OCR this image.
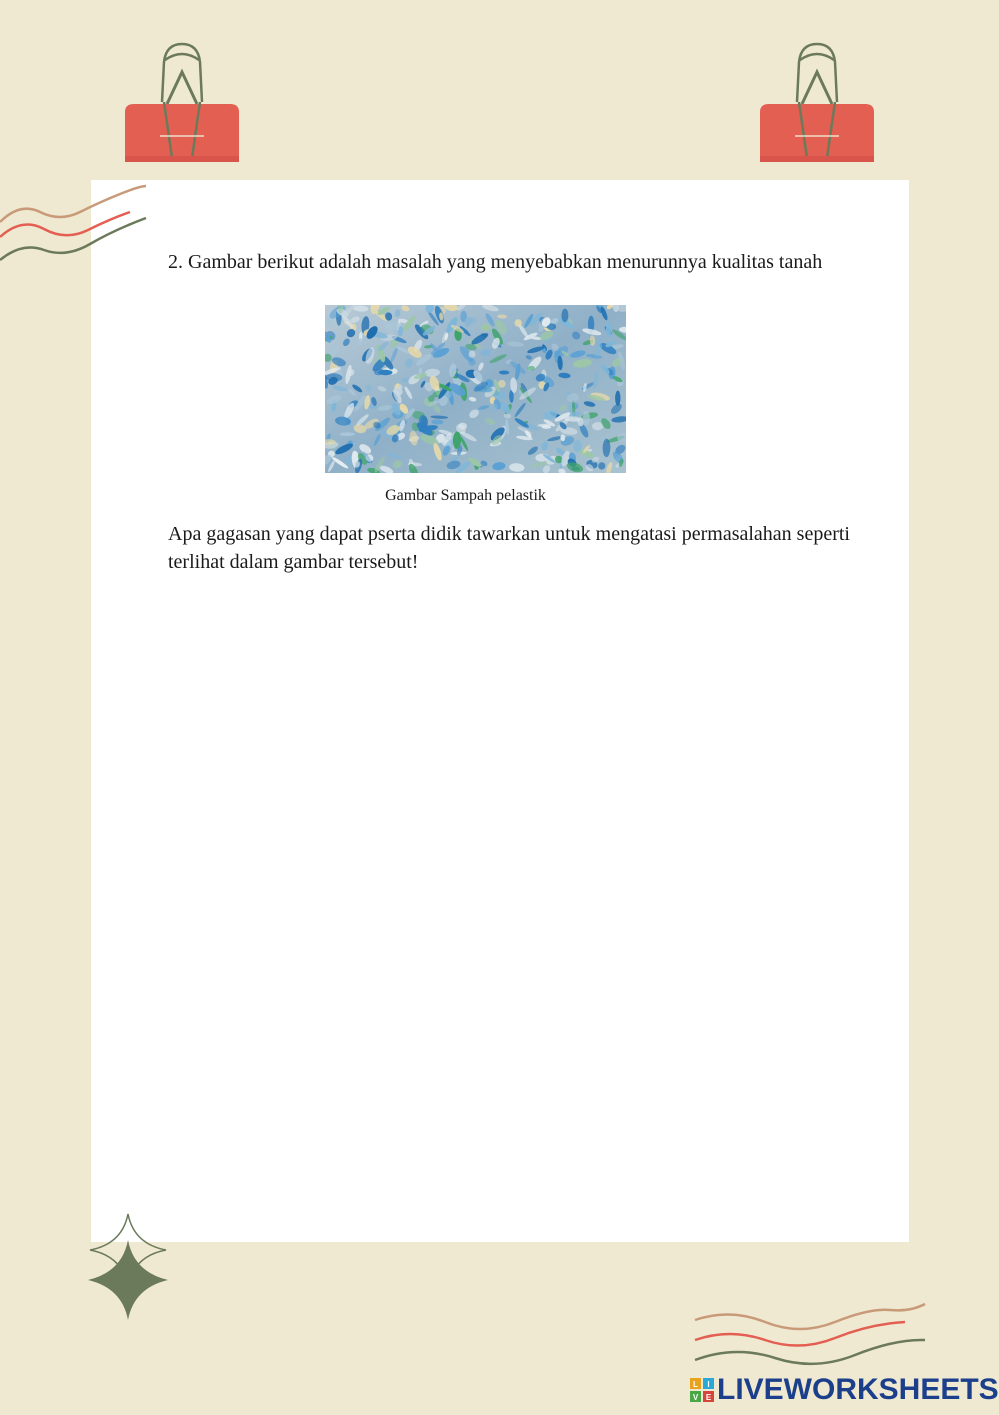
2. Gambar berikut adalah masalah yang menyebabkan menurunnya kualitas tanah
Gambar Sampah pelastik
Apa gagasan yang dapat pserta didik tawarkan untuk mengatasi permasalahan seperti terlihat dalam gambar tersebut!
L I
V E LIVEWORKSHEETS
